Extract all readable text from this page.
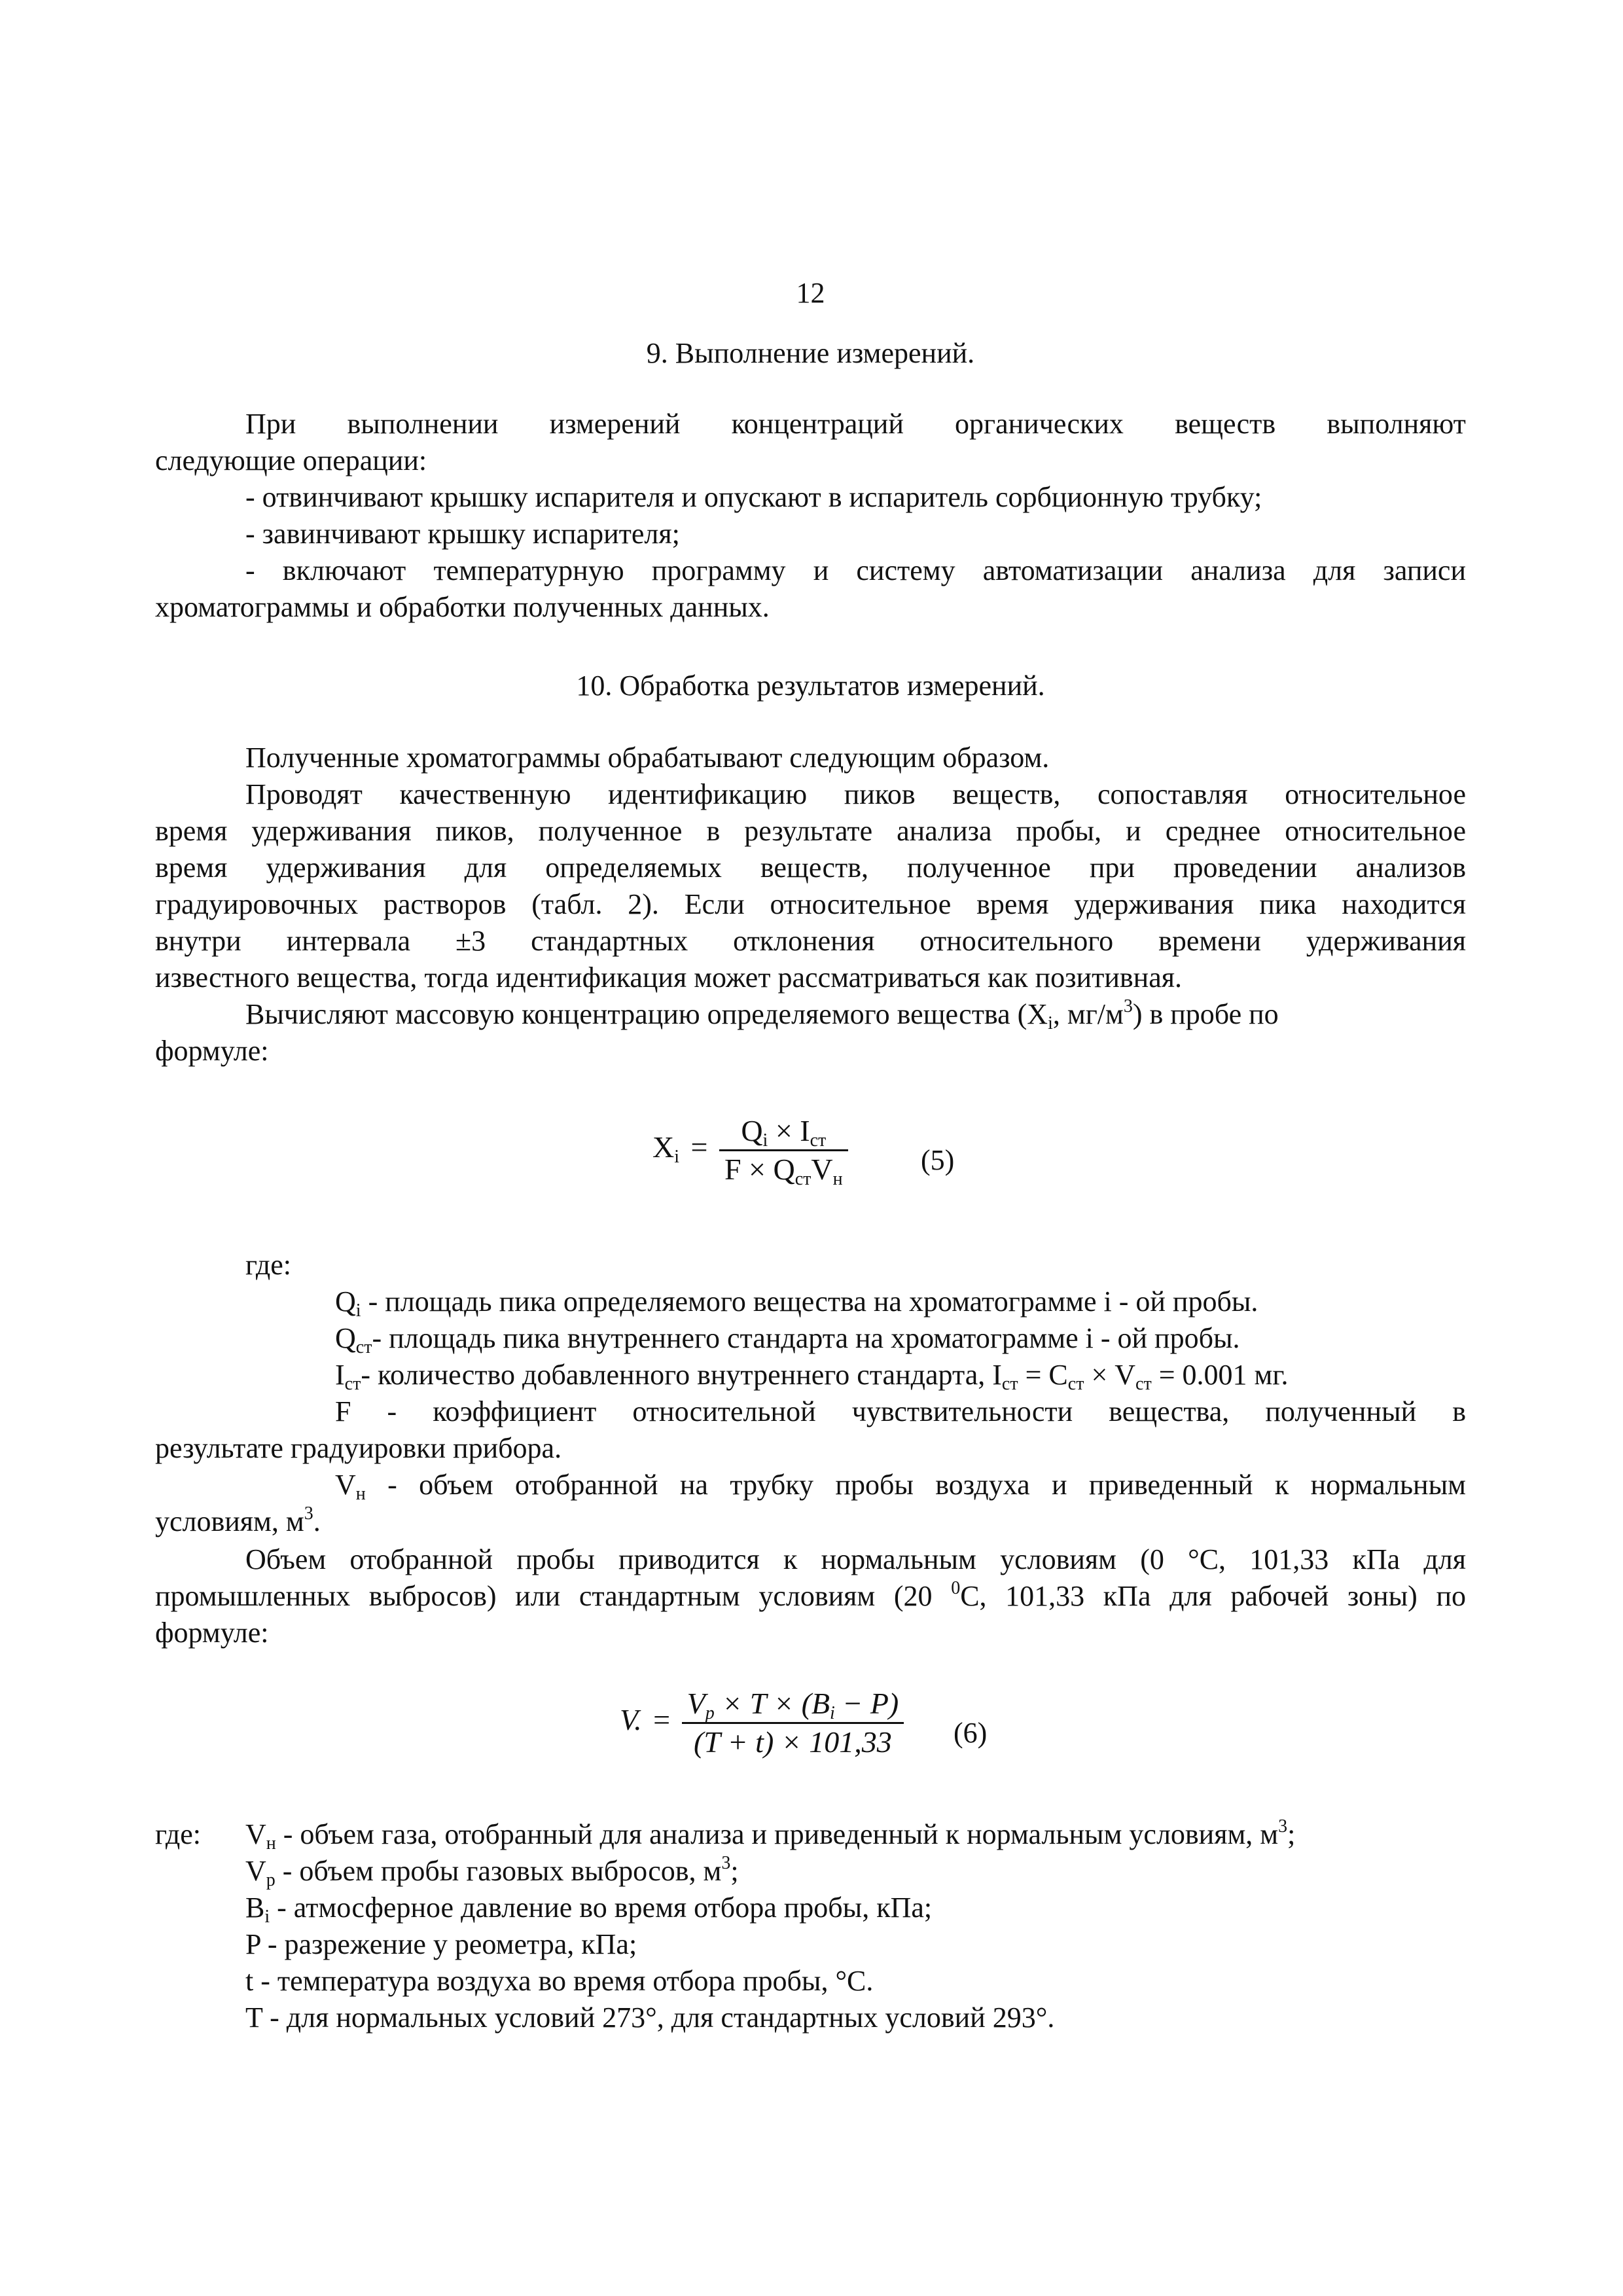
12
9. Выполнение измерений.
При выполнении измерений концентраций органических веществ выполняют
следующие операции:
- отвинчивают крышку испарителя и опускают в испаритель сорбционную трубку;
- завинчивают крышку испарителя;
- включают температурную программу и систему автоматизации анализа для записи
хроматограммы и обработки полученных данных.
10. Обработка результатов измерений.
Полученные хроматограммы обрабатывают следующим образом.
Проводят качественную идентификацию пиков веществ, сопоставляя относительное
время удерживания пиков, полученное в результате анализа пробы, и среднее относительное
время удерживания для определяемых веществ, полученное при проведении анализов
градуировочных растворов (табл. 2). Если относительное время удерживания пика находится
внутри интервала ±3 стандартных отклонения относительного времени удерживания
известного вещества, тогда идентификация может рассматриваться как позитивная.
Вычисляют массовую концентрацию определяемого вещества ($X_i$, $мг/м^3$) в пробе по
формуле:
$X_i = \frac{Q_i \times I_{ст}}{F \times Q_{ст}V_н}$	(5)
где:
$Q_i$ - площадь пика определяемого вещества на хроматограмме i - ой пробы.
$Q_{ст}-$ площадь пика внутреннего стандарта на хроматограмме i - ой пробы.
$I_{ст}-$ количество добавленного внутреннего стандарта, $I_{ст} = C_{ст} \times V_{ст} = 0.001$ мг.
F - коэффициент относительной чувствительности вещества, полученный в
результате градуировки прибора.
$V_н$ - объем отобранной на трубку пробы воздуха и приведенный к нормальным
условиям, $м^3$.
Объем отобранной пробы приводится к нормальным условиям (0 °С, 101,33 кПа для
промышленных выбросов) или стандартным условиям (20 $^0$С, 101,33 кПа для рабочей зоны) по
формуле:
V. = $\frac{V_р \times T \times (B_i - P)}{(T + t) \times 101,33} (6)$
где: $V_н$ - объем газа, отобранный для анализа и приведенный к нормальным условиям, $м^3$;
$V_р$ - объем пробы газовых выбросов, $м^3$;
$B_i$ - атмосферное давление во время отбора пробы, кПа;
P - разрежение у реометра, кПа;
t - температура воздуха во время отбора пробы, °С.
T - для нормальных условий 273°, для стандартных условий 293°.
